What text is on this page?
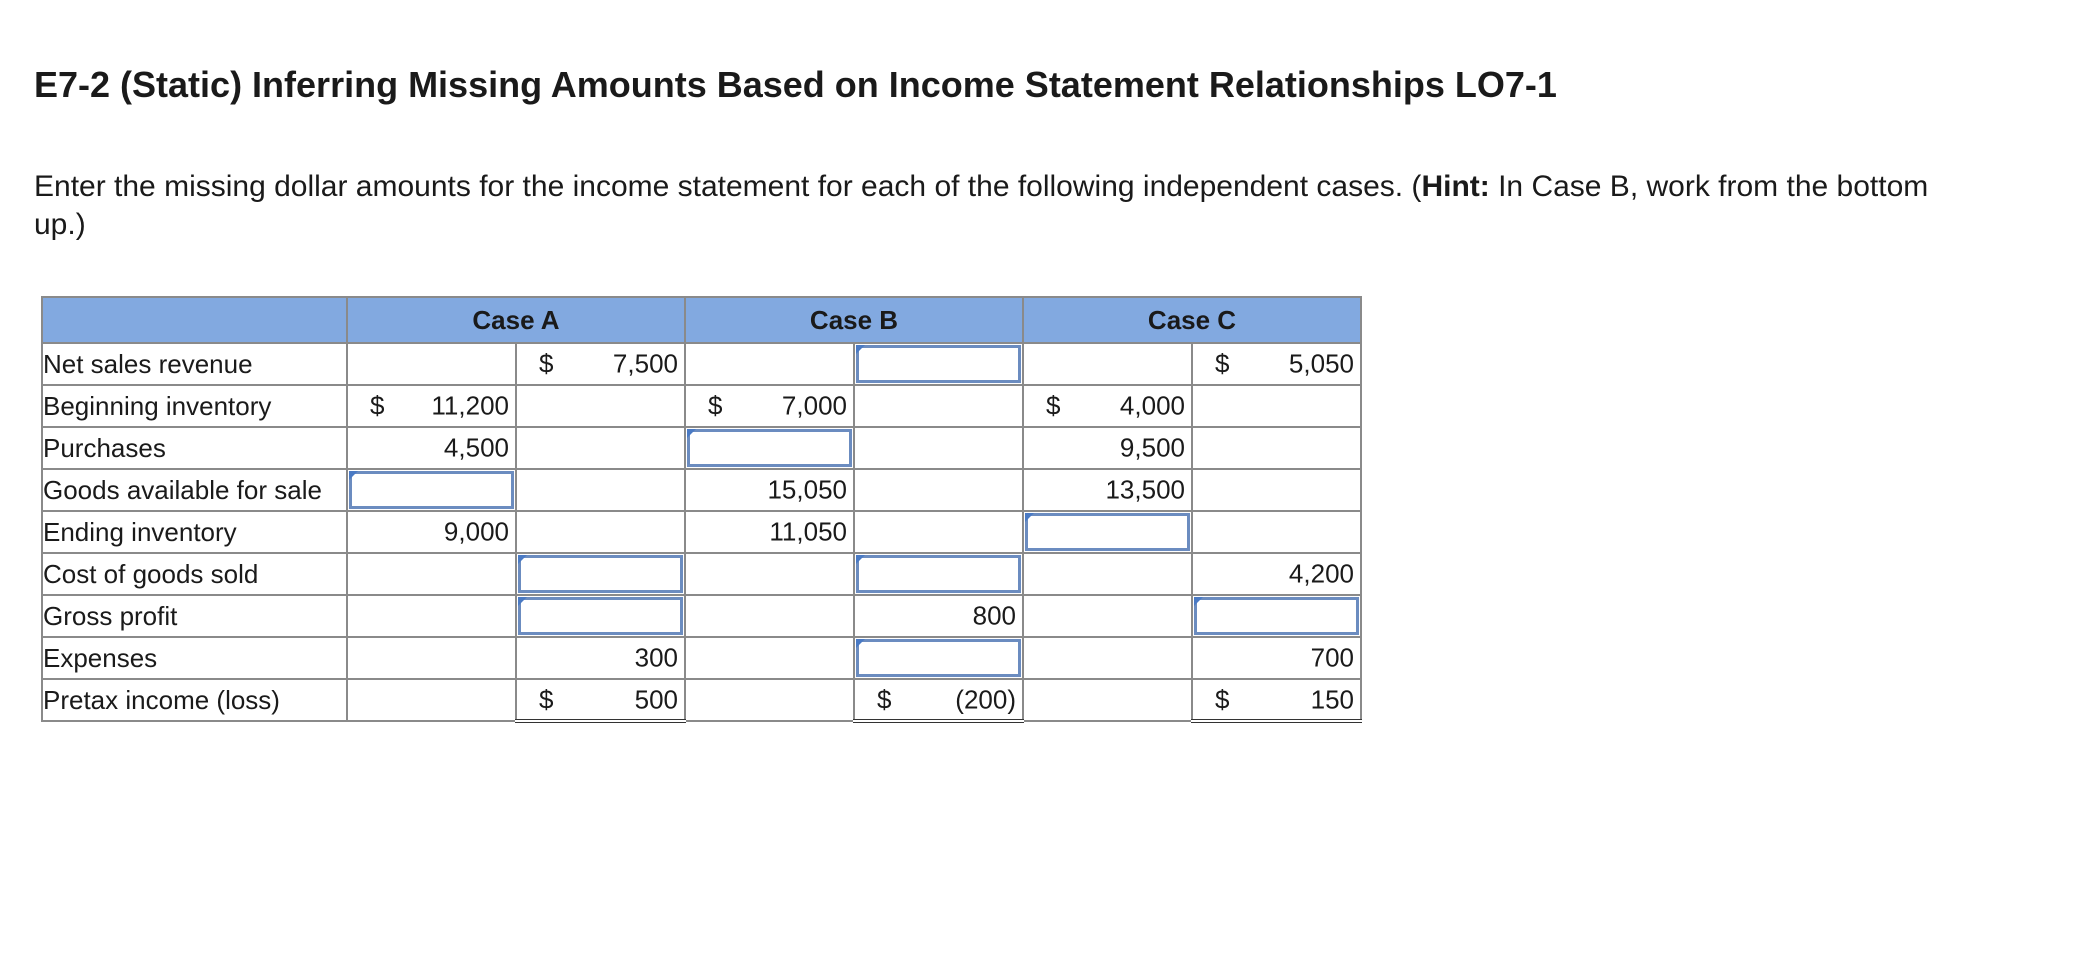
E7-2 (Static) Inferring Missing Amounts Based on Income Statement Relationships LO7-1
Enter the missing dollar amounts for the income statement for each of the following independent cases. (Hint: In Case B, work from the bottom up.)
	Case A		Case B		Case C	
Net sales revenue		$ 7,500				$ 5,050

Beginning inventory	$ 11,200		$ 7,000		$ 4,000	

Purchases	4,500				9,500	

Goods available for sale			15,050		13,500	

Ending inventory	9,000		11,050			

Cost of goods sold						4,200

Gross profit				800		

Expenses		300				700

Pretax income (loss)		$ 500		$ (200)		$ 150
